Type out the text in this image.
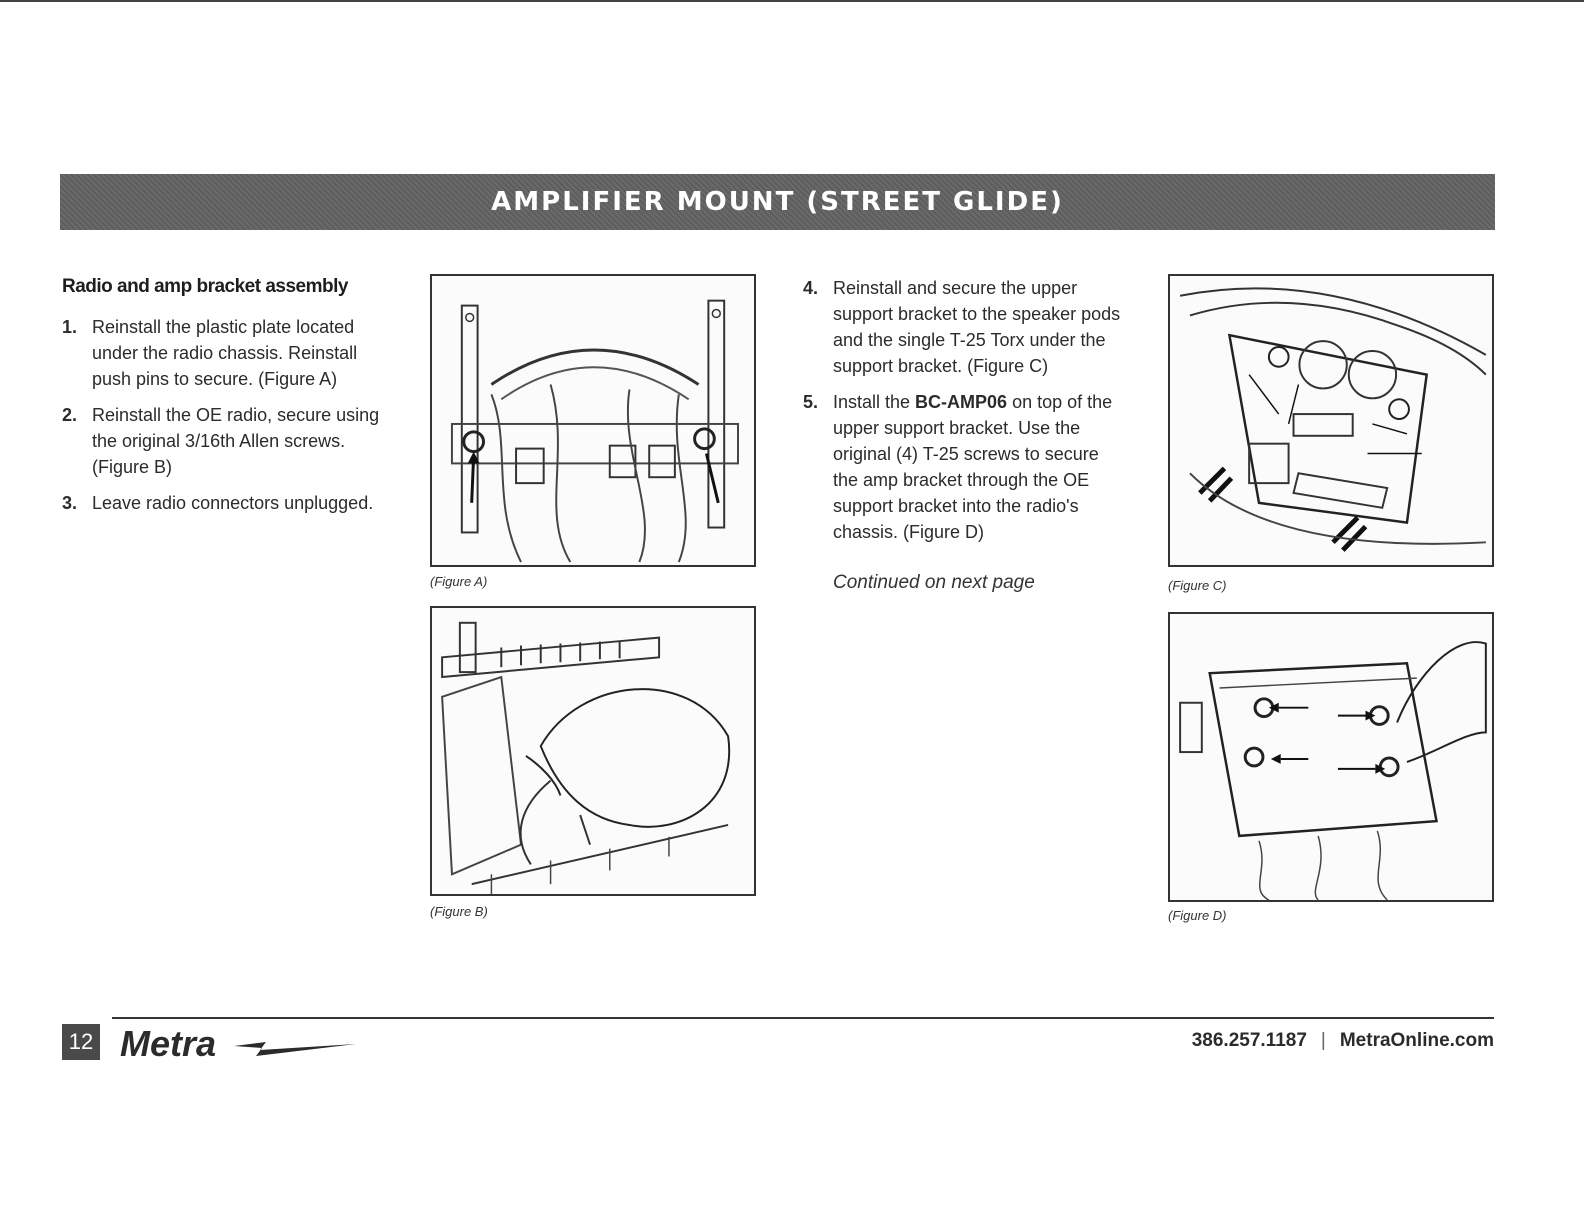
AMPLIFIER MOUNT (STREET GLIDE)
Radio and amp bracket assembly
1. Reinstall the plastic plate located under the radio chassis. Reinstall push pins to secure. (Figure A)
2. Reinstall the OE radio, secure using the original 3/16th Allen screws. (Figure B)
3. Leave radio connectors unplugged.
(Figure A)
(Figure B)
4. Reinstall and secure the upper support bracket to the speaker pods and the single T-25 Torx under the support bracket. (Figure C)
5. Install the BC-AMP06 on top of the upper support bracket. Use the original (4) T-25 screws to secure the amp bracket through the OE support bracket into the radio's chassis. (Figure D)
Continued on next page	(Figure C)
(Figure D)
12 Metra	386.257.1187 | MetraOnline.com
